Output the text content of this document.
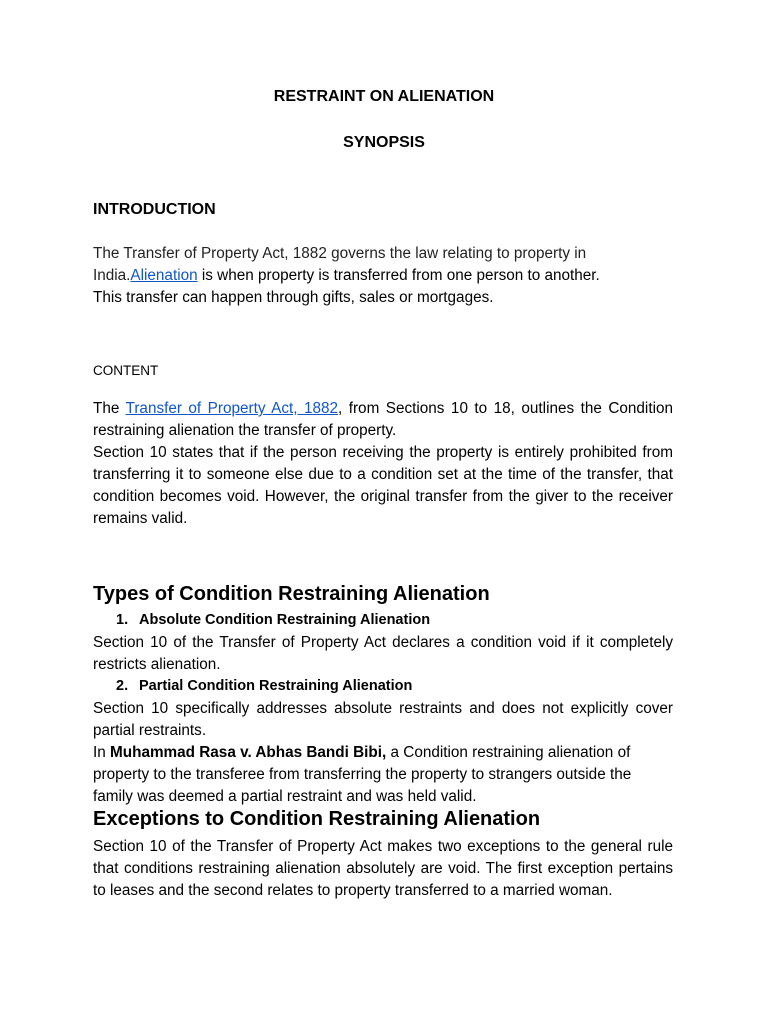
RESTRAINT ON ALIENATION
SYNOPSIS
INTRODUCTION
The Transfer of Property Act, 1882 governs the law relating to property in
India.Alienation is when property is transferred from one person to another.
This transfer can happen through gifts, sales or mortgages.
CONTENT
The Transfer of Property Act, 1882, from Sections 10 to 18, outlines the Condition restraining alienation the transfer of property.
Section 10 states that if the person receiving the property is entirely prohibited from transferring it to someone else due to a condition set at the time of the transfer, that condition becomes void. However, the original transfer from the giver to the receiver remains valid.
Types of Condition Restraining Alienation
1. Absolute Condition Restraining Alienation
Section 10 of the Transfer of Property Act declares a condition void if it completely restricts alienation.
2. Partial Condition Restraining Alienation
Section 10 specifically addresses absolute restraints and does not explicitly cover partial restraints.
In Muhammad Rasa v. Abhas Bandi Bibi, a Condition restraining alienation of property to the transferee from transferring the property to strangers outside the family was deemed a partial restraint and was held valid.
Exceptions to Condition Restraining Alienation
Section 10 of the Transfer of Property Act makes two exceptions to the general rule that conditions restraining alienation absolutely are void. The first exception pertains to leases and the second relates to property transferred to a married woman.
